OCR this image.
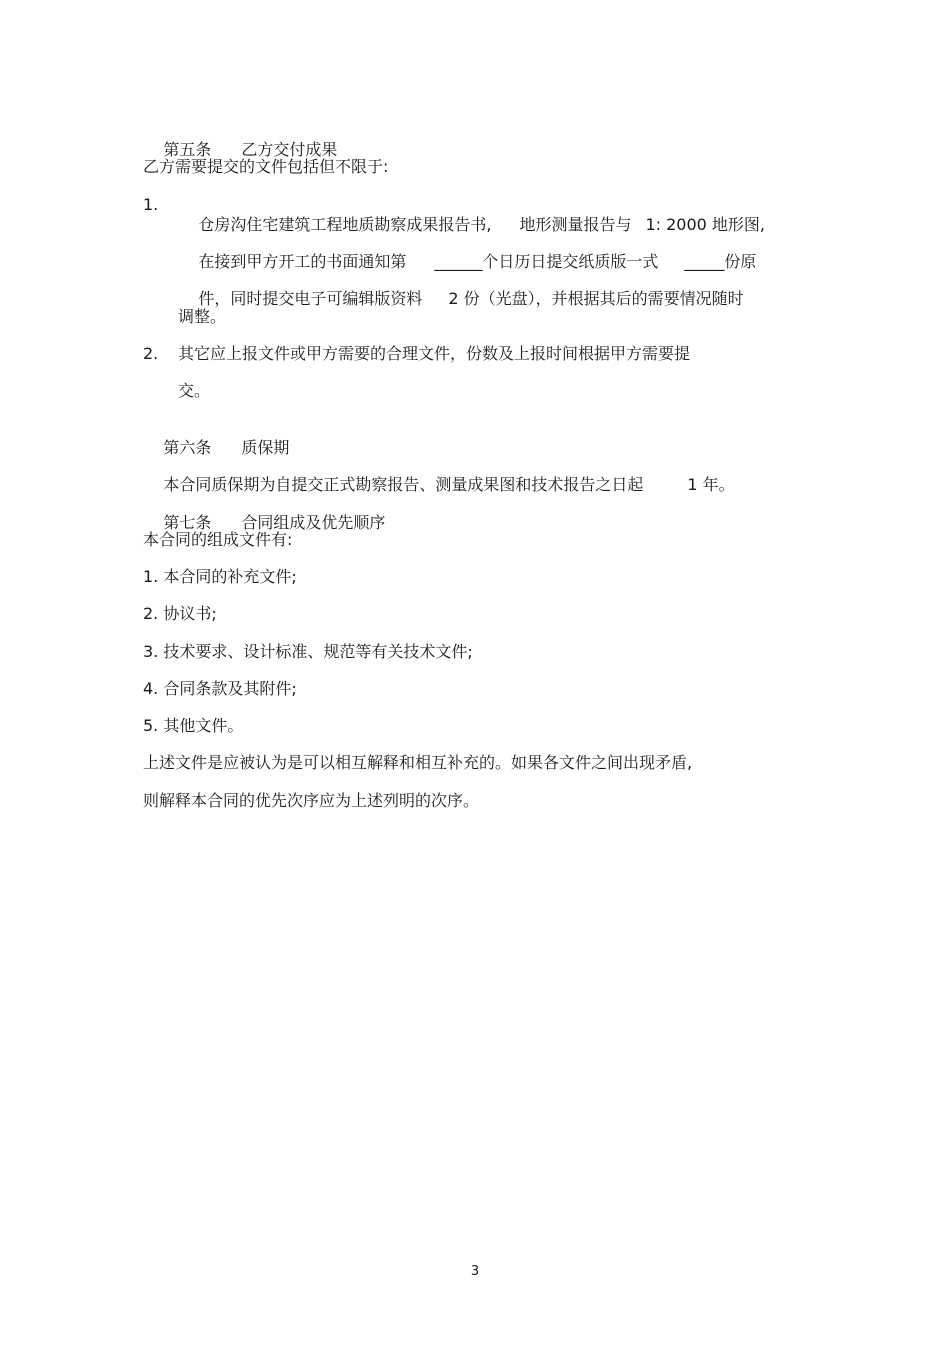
第五条 乙方交付成果

乙方需要提交的文件包括但不限于:
1.

仓房沟住宅建筑工程地质勘察成果报告书, 地形测量报告与 1: 2000 地形图,

在接到甲方开工的书面通知第 ______个日历日提交纸质版一式 _____份原

件，同时提交电子可编辑版资料 2 份（光盘），并根据其后的需要情况随时

调整。
2. 其它应上报文件或甲方需要的合理文件，份数及上报时间根据甲方需要提
交。

第六条 质保期

本合同质保期为自提交正式勘察报告、测量成果图和技术报告之日起	1 年。

第七条 合同组成及优先顺序

本合同的组成文件有:
1. 本合同的补充文件;
2. 协议书;
3. 技术要求、设计标准、规范等有关技术文件;
4. 合同条款及其附件;
5. 其他文件。
上述文件是应被认为是可以相互解释和相互补充的。如果各文件之间出现矛盾,
则解释本合同的优先次序应为上述列明的次序。
3
